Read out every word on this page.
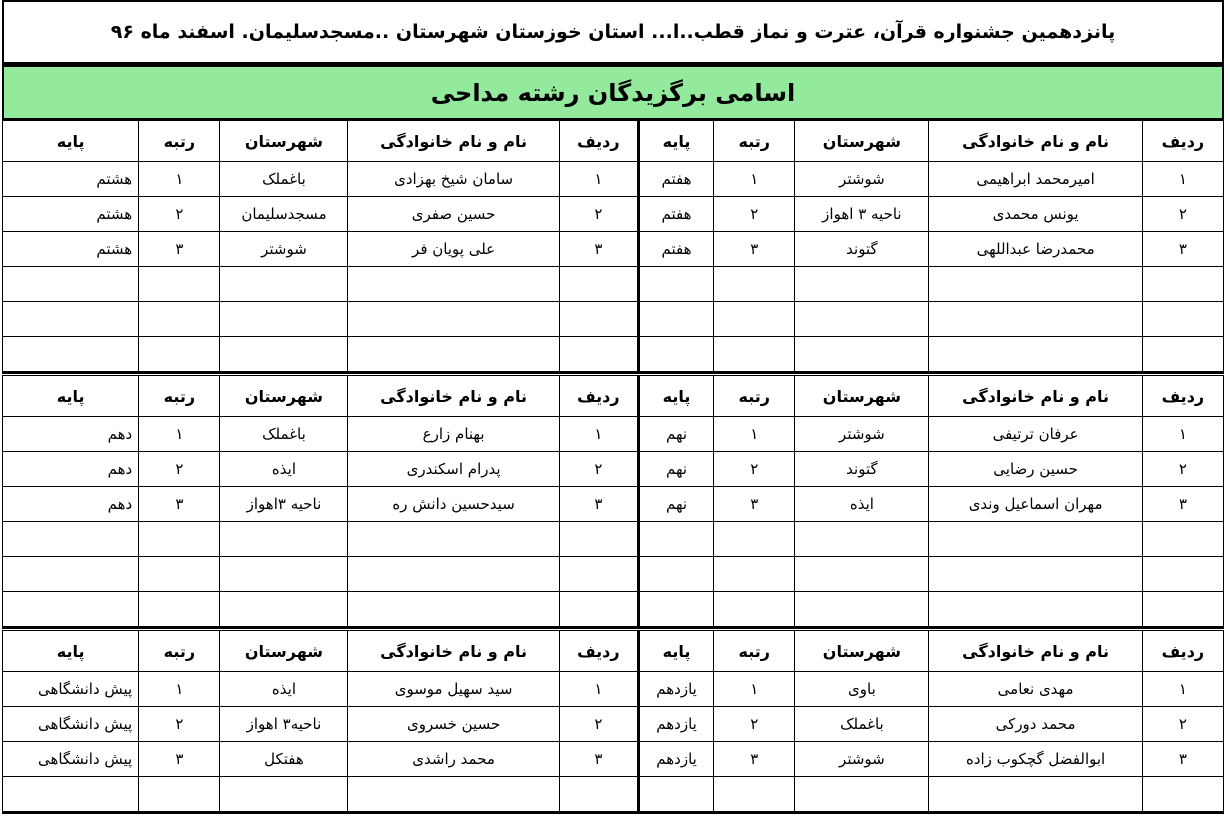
پانزدهمین جشنواره قرآن، عترت و نماز قطب..ا... استان خوزستان شهرستان ..مسجدسلیمان. اسفند ماه ۹۶
اسامی برگزیدگان رشته مداحی
ردیف	نام و نام خانوادگی	شهرستان	رتبه	پایه	ردیف	نام و نام خانوادگی	شهرستان	رتبه	پایه
۱	امیرمحمد ابراهیمی	شوشتر	۱	هفتم	۱	سامان شیخ بهزادی	باغملک	۱	هشتم
۲	یونس محمدی	ناحیه ۳ اهواز	۲	هفتم	۲	حسین صفری	مسجدسلیمان	۲	هشتم
۳	محمدرضا عبداللهی	گتوند	۳	هفتم	۳	علی پویان فر	شوشتر	۳	هشتم

ردیف	نام و نام خانوادگی	شهرستان	رتبه	پایه	ردیف	نام و نام خانوادگی	شهرستان	رتبه	پایه
۱	عرفان ترتیفی	شوشتر	۱	نهم	۱	بهنام زارع	باغملک	۱	دهم
۲	حسین رضایی	گتوند	۲	نهم	۲	پدرام اسکندری	ایذه	۲	دهم
۳	مهران اسماعیل وندی	ایذه	۳	نهم	۳	سیدحسین دانش ره	ناحیه ۳اهواز	۳	دهم

ردیف	نام و نام خانوادگی	شهرستان	رتبه	پایه	ردیف	نام و نام خانوادگی	شهرستان	رتبه	پایه
۱	مهدی نعامی	باوی	۱	یازدهم	۱	سید سهیل موسوی	ایذه	۱	پیش دانشگاهی
۲	محمد دورکی	باغملک	۲	یازدهم	۲	حسین خسروی	ناحیه۳ اهواز	۲	پیش دانشگاهی
۳	ابوالفضل گچکوب زاده	شوشتر	۳	یازدهم	۳	محمد راشدی	هفتکل	۳	پیش دانشگاهی
